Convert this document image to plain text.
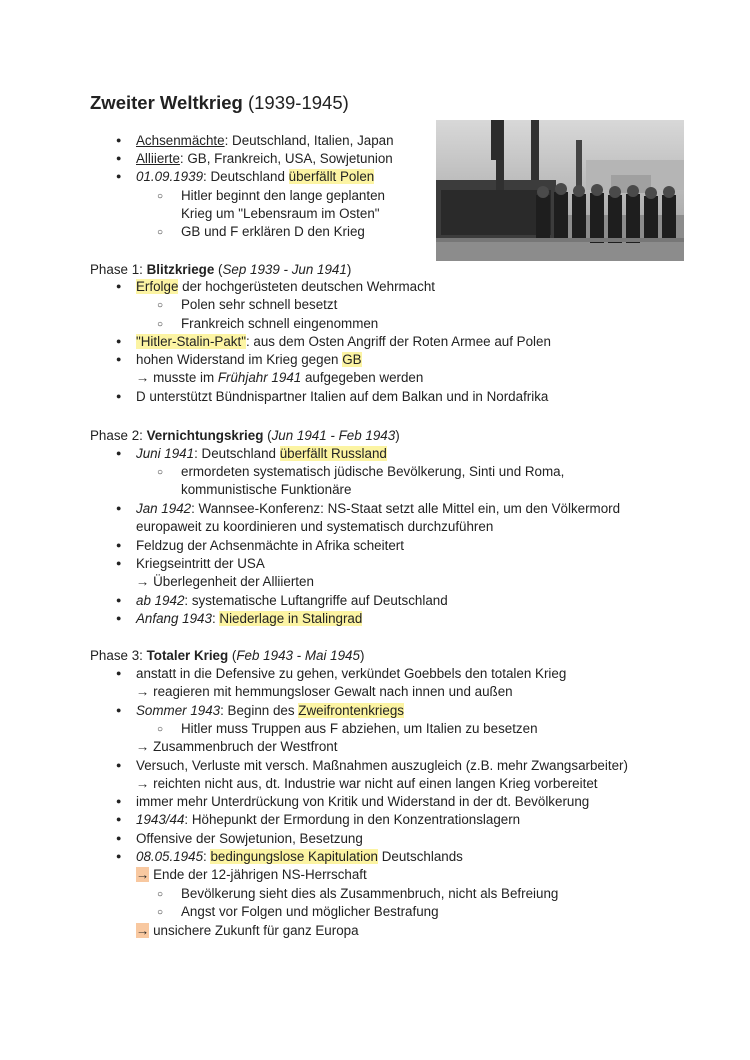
Zweiter Weltkrieg (1939-1945)
●
Achsenmächte: Deutschland, Italien, Japan
●
Alliierte: GB, Frankreich, USA, Sowjetunion
●
01.09.1939: Deutschland überfällt Polen
○
Hitler beginnt den lange geplanten
Krieg um "Lebensraum im Osten"
○
GB und F erklären D den Krieg
Phase 1: Blitzkriege (Sep 1939 - Jun 1941)
●
Erfolge der hochgerüsteten deutschen Wehrmacht
○
Polen sehr schnell besetzt
○
Frankreich schnell eingenommen
●
"Hitler-Stalin-Pakt": aus dem Osten Angriff der Roten Armee auf Polen
●
hohen Widerstand im Krieg gegen GB
→ musste im Frühjahr 1941 aufgegeben werden
●
D unterstützt Bündnispartner Italien auf dem Balkan und in Nordafrika
Phase 2: Vernichtungskrieg (Jun 1941 - Feb 1943)
●
Juni 1941: Deutschland überfällt Russland
○
ermordeten systematisch jüdische Bevölkerung, Sinti und Roma,
kommunistische Funktionäre
●
Jan 1942: Wannsee-Konferenz: NS-Staat setzt alle Mittel ein, um den Völkermord
europaweit zu koordinieren und systematisch durchzuführen
●
Feldzug der Achsenmächte in Afrika scheitert
●
Kriegseintritt der USA
→ Überlegenheit der Alliierten
●
ab 1942: systematische Luftangriffe auf Deutschland
●
Anfang 1943: Niederlage in Stalingrad
Phase 3: Totaler Krieg (Feb 1943 - Mai 1945)
●
anstatt in die Defensive zu gehen, verkündet Goebbels den totalen Krieg
→ reagieren mit hemmungsloser Gewalt nach innen und außen
●
Sommer 1943: Beginn des Zweifrontenkriegs
○
Hitler muss Truppen aus F abziehen, um Italien zu besetzen
→ Zusammenbruch der Westfront
●
Versuch, Verluste mit versch. Maßnahmen auszugleich (z.B. mehr Zwangsarbeiter)
→ reichten nicht aus, dt. Industrie war nicht auf einen langen Krieg vorbereitet
●
immer mehr Unterdrückung von Kritik und Widerstand in der dt. Bevölkerung
●
1943/44: Höhepunkt der Ermordung in den Konzentrationslagern
●
Offensive der Sowjetunion, Besetzung
●
08.05.1945: bedingungslose Kapitulation Deutschlands
→ Ende der 12-jährigen NS-Herrschaft
○
Bevölkerung sieht dies als Zusammenbruch, nicht als Befreiung
○
Angst vor Folgen und möglicher Bestrafung
→ unsichere Zukunft für ganz Europa
